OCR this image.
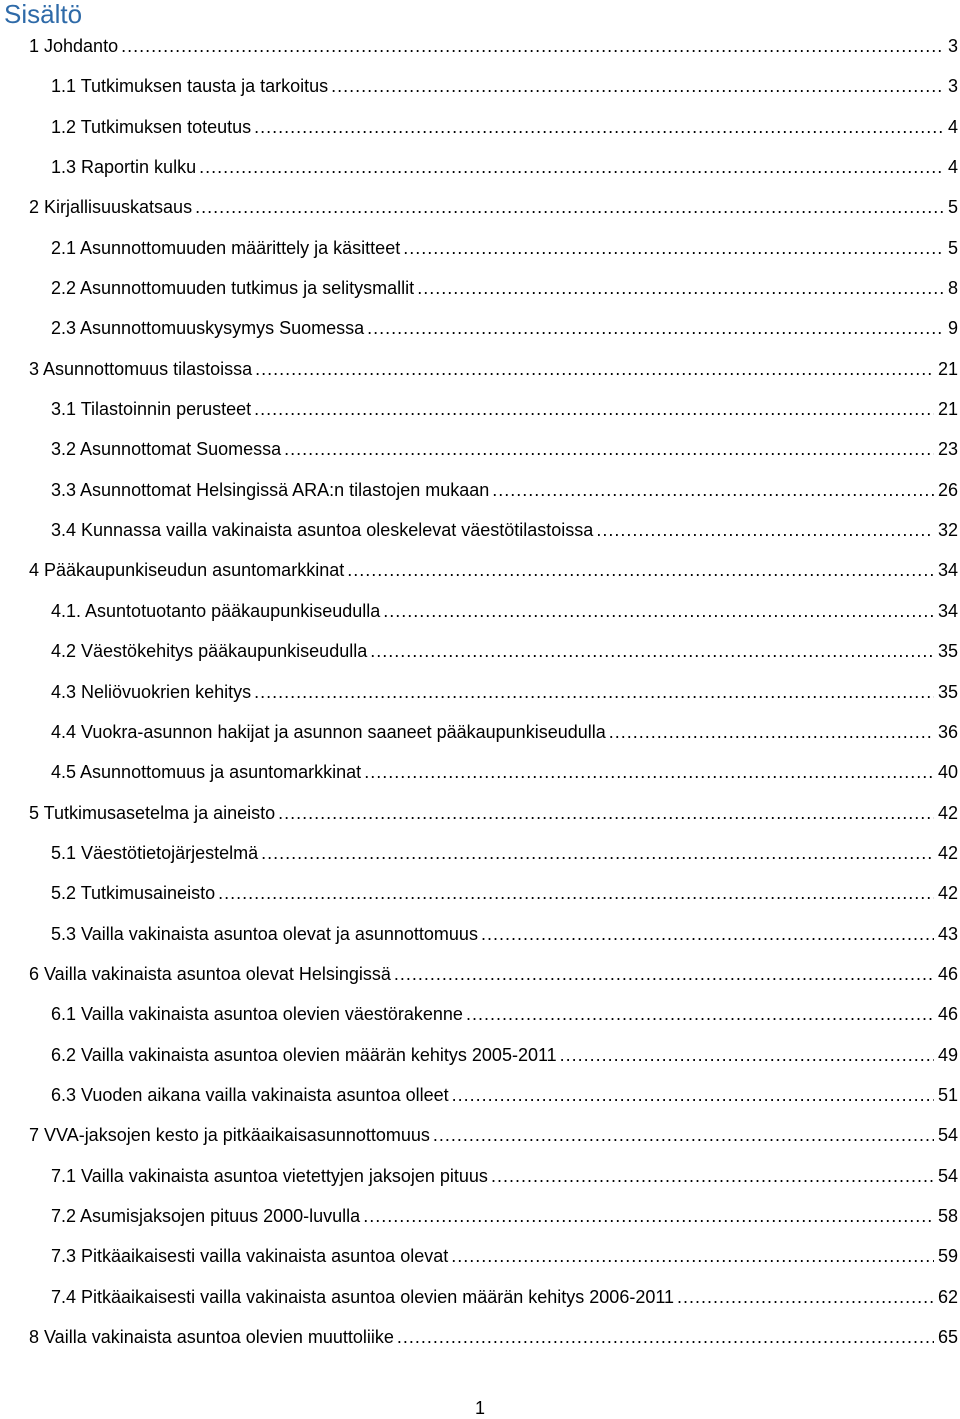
Sisältö
1 Johdanto .....	3
1.1 Tutkimuksen tausta ja tarkoitus .....	3
1.2 Tutkimuksen toteutus .....	4
1.3 Raportin kulku .....	4
2 Kirjallisuuskatsaus .....	5
2.1 Asunnottomuuden määrittely ja käsitteet .....	5
2.2 Asunnottomuuden tutkimus ja selitysmallit .....	8
2.3 Asunnottomuuskysymys Suomessa .....	9
3 Asunnottomuus tilastoissa .....	21
3.1 Tilastoinnin perusteet .....	21
3.2 Asunnottomat Suomessa .....	23
3.3 Asunnottomat Helsingissä ARA:n tilastojen mukaan .....	26
3.4 Kunnassa vailla vakinaista asuntoa oleskelevat väestötilastoissa .....	32
4 Pääkaupunkiseudun asuntomarkkinat .....	34
4.1. Asuntotuotanto pääkaupunkiseudulla .....	34
4.2 Väestökehitys pääkaupunkiseudulla .....	35
4.3 Neliövuokrien kehitys .....	35
4.4 Vuokra-asunnon hakijat ja asunnon saaneet pääkaupunkiseudulla .....	36
4.5 Asunnottomuus ja asuntomarkkinat .....	40
5 Tutkimusasetelma ja aineisto .....	42
5.1 Väestötietojärjestelmä .....	42
5.2 Tutkimusaineisto .....	42
5.3 Vailla vakinaista asuntoa olevat ja asunnottomuus .....	43
6 Vailla vakinaista asuntoa olevat Helsingissä .....	46
6.1 Vailla vakinaista asuntoa olevien väestörakenne .....	46
6.2 Vailla vakinaista asuntoa olevien määrän kehitys 2005-2011 .....	49
6.3 Vuoden aikana vailla vakinaista asuntoa olleet .....	51
7 VVA-jaksojen kesto ja pitkäaikaisasunnottomuus .....	54
7.1 Vailla vakinaista asuntoa vietettyjen jaksojen pituus .....	54
7.2 Asumisjaksojen pituus 2000-luvulla .....	58
7.3 Pitkäaikaisesti vailla vakinaista asuntoa olevat .....	59
7.4 Pitkäaikaisesti vailla vakinaista asuntoa olevien määrän kehitys 2006-2011 .....	62
8 Vailla vakinaista asuntoa olevien muuttoliike .....	65
1
